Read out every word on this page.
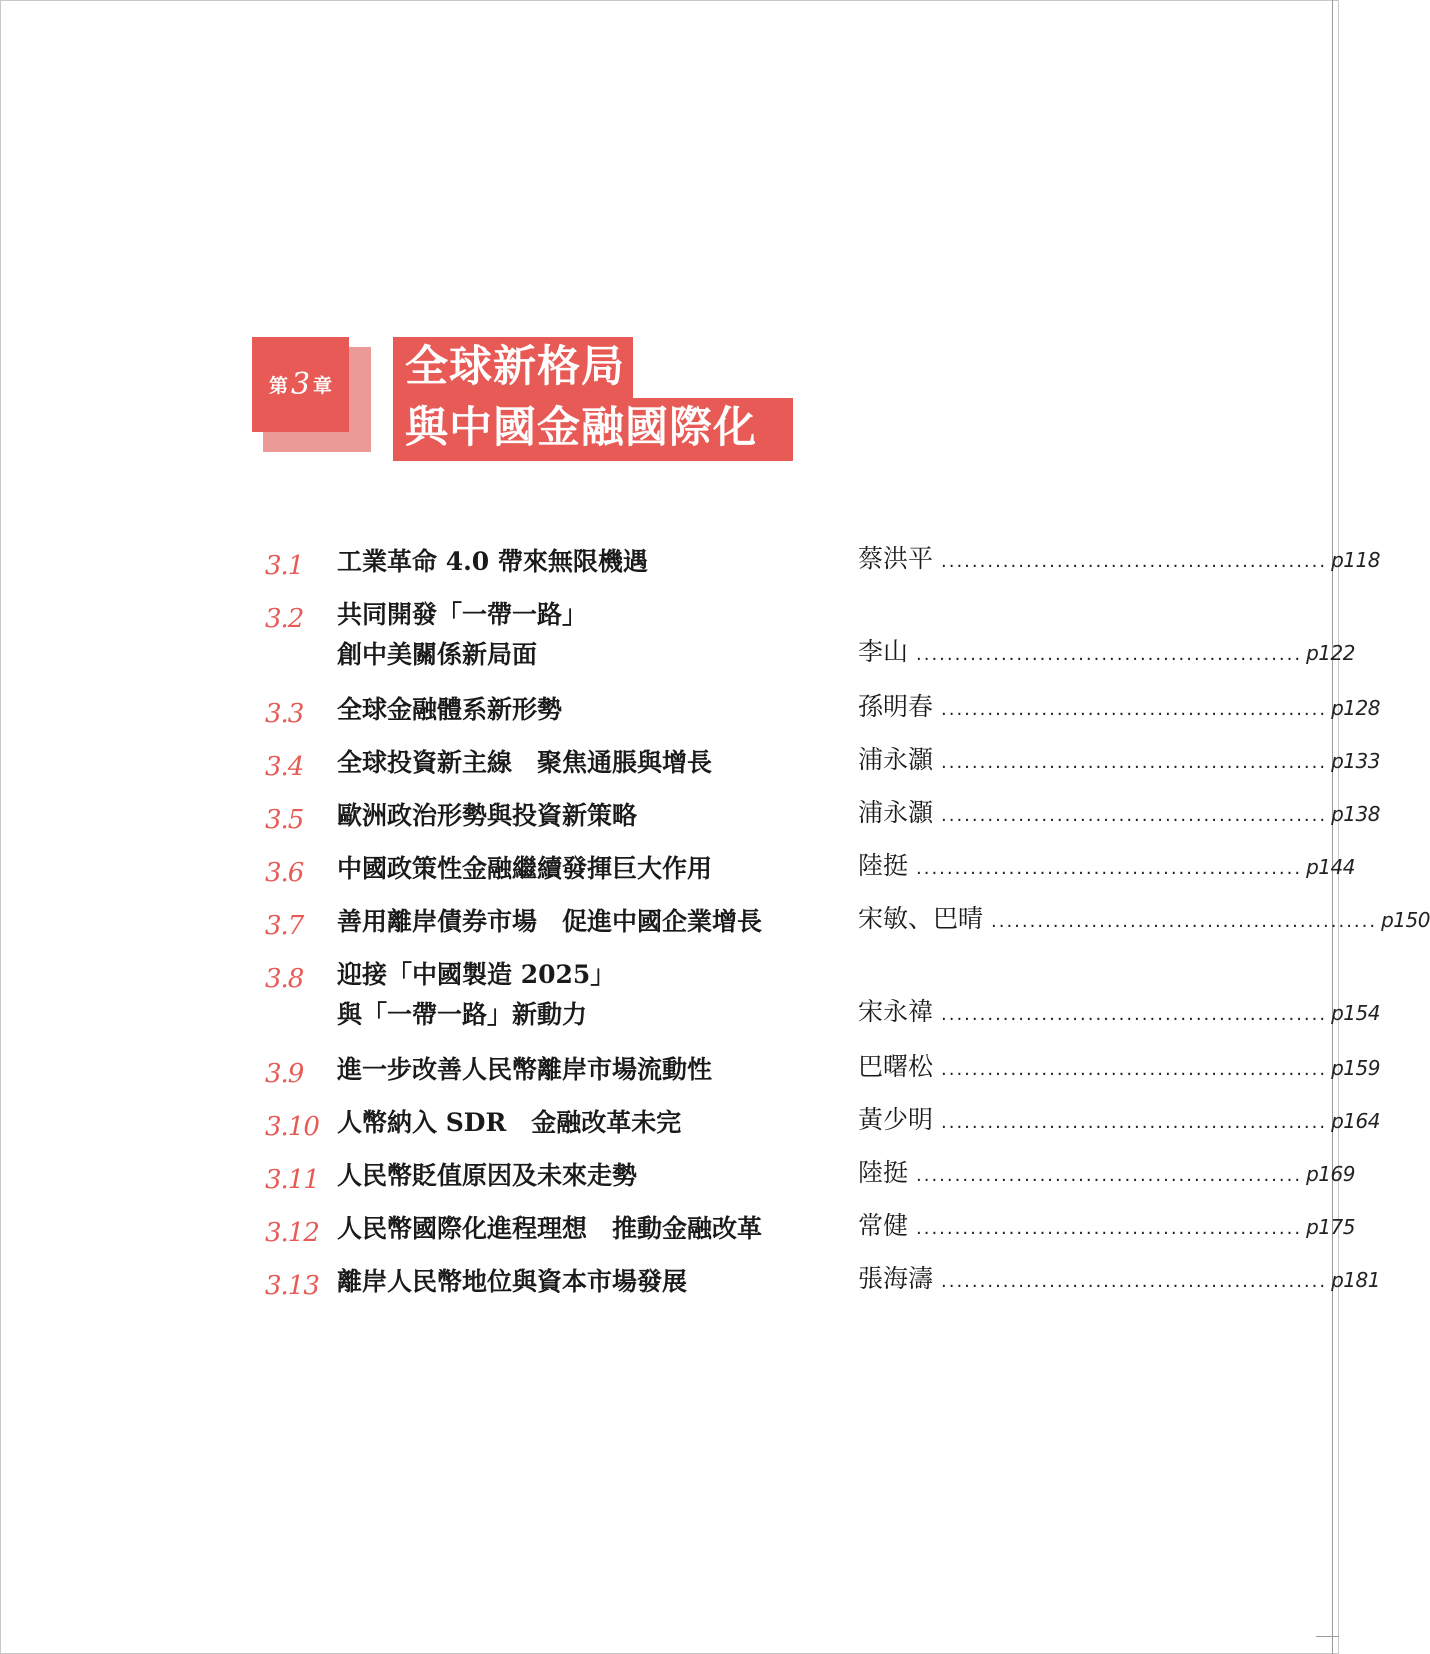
第 3 章 全球新格局
與中國金融國際化
3.1 工業革命 4.0 帶來無限機遇	蔡洪平 .................................................. p118
3.2 共同開發「一帶一路」
創中美關係新局面	李山 .................................................. p122
3.3 全球金融體系新形勢	孫明春 .................................................. p128
3.4 全球投資新主線　聚焦通脹與增長	浦永灝 .................................................. p133
3.5 歐洲政治形勢與投資新策略	浦永灝 .................................................. p138
3.6 中國政策性金融繼續發揮巨大作用	陸挺 .................................................. p144
3.7 善用離岸債券市場　促進中國企業增長	宋敏、巴晴 .................................................. p150
3.8 迎接「中國製造 2025」
與「一帶一路」新動力	宋永禕 .................................................. p154
3.9 進一步改善人民幣離岸市場流動性	巴曙松 .................................................. p159
3.10 人幣納入 SDR　金融改革未完	黃少明 .................................................. p164
3.11 人民幣貶值原因及未來走勢	陸挺 .................................................. p169
3.12 人民幣國際化進程理想　推動金融改革	常健 .................................................. p175
3.13 離岸人民幣地位與資本市場發展	張海濤 .................................................. p181
